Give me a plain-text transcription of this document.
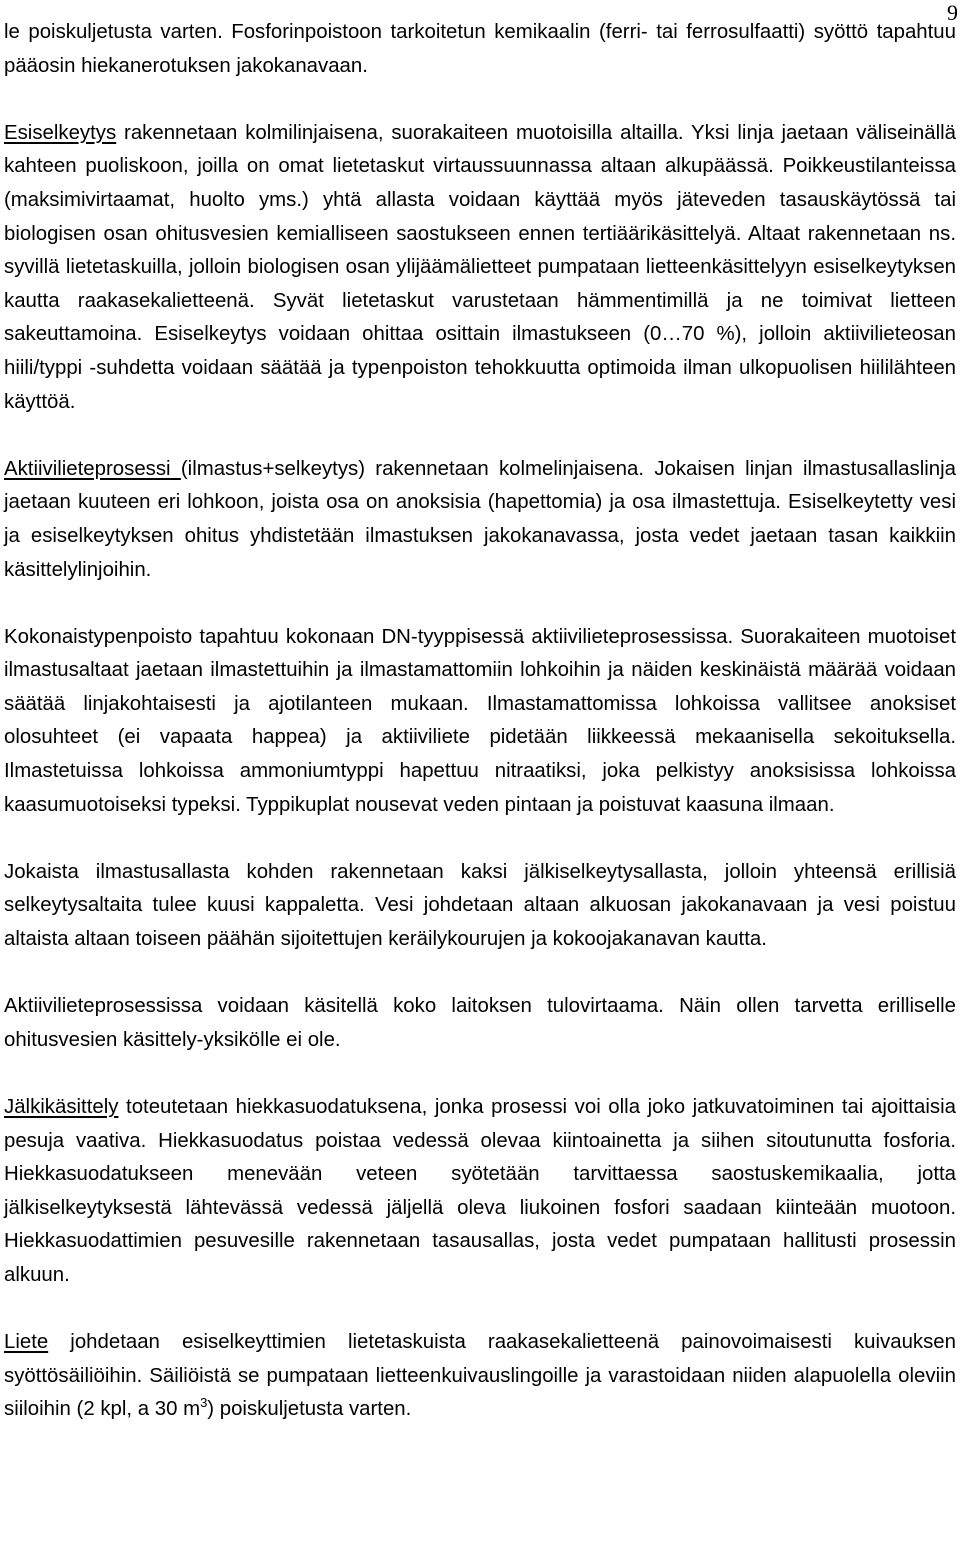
9

le poiskuljetusta varten. Fosforinpoistoon tarkoitetun kemikaalin (ferri- tai ferrosulfaatti) syöttö tapahtuu pääosin hiekanerotuksen jakokanavaan.

Esiselkeytys rakennetaan kolmilinjaisena, suorakaiteen muotoisilla altailla. Yksi linja jaetaan väliseinällä kahteen puoliskoon, joilla on omat lietetaskut virtaussuunnassa altaan alkupäässä. Poikkeustilanteissa (maksimivirtaamat, huolto yms.) yhtä allasta voidaan käyttää myös jäteveden tasauskäytössä tai biologisen osan ohitusvesien kemialliseen saostukseen ennen tertiäärikäsittelyä. Altaat rakennetaan ns. syvillä lietetaskuilla, jolloin biologisen osan ylijäämälietteet pumpataan lietteenkäsittelyyn esiselkeytyksen kautta raakasekalietteenä. Syvät lietetaskut varustetaan hämmentimillä ja ne toimivat lietteen sakeuttamoina. Esiselkeytys voidaan ohittaa osittain ilmastukseen (0…70 %), jolloin aktiivilieteosan hiili/typpi -suhdetta voidaan säätää ja typenpoiston tehokkuutta optimoida ilman ulkopuolisen hiililähteen käyttöä.

Aktiivilieteprosessi (ilmastus+selkeytys) rakennetaan kolmelinjaisena. Jokaisen linjan ilmastusallaslinja jaetaan kuuteen eri lohkoon, joista osa on anoksisia (hapettomia) ja osa ilmastettuja. Esiselkeytetty vesi ja esiselkeytyksen ohitus yhdistetään ilmastuksen jakokanavassa, josta vedet jaetaan tasan kaikkiin käsittelylinjoihin.

Kokonaistypenpoisto tapahtuu kokonaan DN-tyyppisessä aktiivilieteprosessissa. Suorakaiteen muotoiset ilmastusaltaat jaetaan ilmastettuihin ja ilmastamattomiin lohkoihin ja näiden keskinäistä määrää voidaan säätää linjakohtaisesti ja ajotilanteen mukaan. Ilmastamattomissa lohkoissa vallitsee anoksiset olosuhteet (ei vapaata happea) ja aktiiviliete pidetään liikkeessä mekaanisella sekoituksella. Ilmastetuissa lohkoissa ammoniumtyppi hapettuu nitraatiksi, joka pelkistyy anoksisissa lohkoissa kaasumuotoiseksi typeksi. Typpikuplat nousevat veden pintaan ja poistuvat kaasuna ilmaan.

Jokaista ilmastusallasta kohden rakennetaan kaksi jälkiselkeytysallasta, jolloin yhteensä erillisiä selkeytysaltaita tulee kuusi kappaletta. Vesi johdetaan altaan alkuosan jakokanavaan ja vesi poistuu altaista altaan toiseen päähän sijoitettujen keräilykourujen ja kokoojakanavan kautta.

Aktiivilieteprosessissa voidaan käsitellä koko laitoksen tulovirtaama. Näin ollen tarvetta erilliselle ohitusvesien käsittely-yksikölle ei ole.

Jälkikäsittely toteutetaan hiekkasuodatuksena, jonka prosessi voi olla joko jatkuvatoiminen tai ajoittaisia pesuja vaativa. Hiekkasuodatus poistaa vedessä olevaa kiintoainetta ja siihen sitoutunutta fosforia. Hiekkasuodatukseen menevään veteen syötetään tarvittaessa saostuskemikaalia, jotta jälkiselkeytyksestä lähtevässä vedessä jäljellä oleva liukoinen fosfori saadaan kiinteään muotoon. Hiekkasuodattimien pesuvesille rakennetaan tasausallas, josta vedet pumpataan hallitusti prosessin alkuun.

Liete johdetaan esiselkeyttimien lietetaskuista raakasekalietteenä painovoimaisesti kuivauksen syöttösäiliöihin. Säiliöistä se pumpataan lietteenkuivauslingoille ja varastoidaan niiden alapuolella oleviin siiloihin (2 kpl, a 30 $m^3$) poiskuljetusta varten.
